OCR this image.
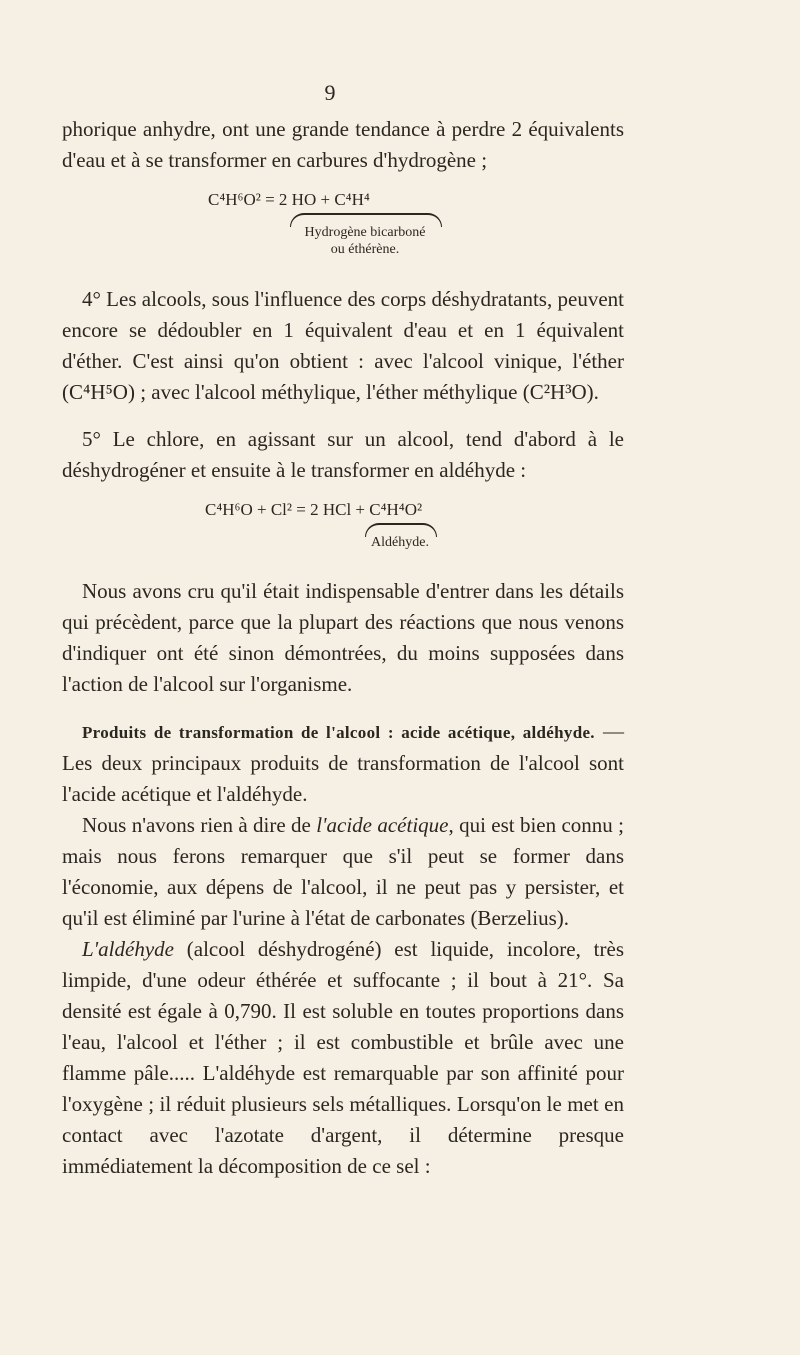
9

phorique anhydre, ont une grande tendance à perdre 2 équivalents d'eau et à se transformer en carbures d'hydrogène ;

C⁴H⁶O² = 2 HO + C⁴H⁴
Hydrogène bicarboné
ou éthérène.

4° Les alcools, sous l'influence des corps déshydratants, peuvent encore se dédoubler en 1 équivalent d'eau et en 1 équivalent d'éther. C'est ainsi qu'on obtient : avec l'alcool vinique, l'éther (C⁴H⁵O) ; avec l'alcool méthylique, l'éther méthylique (C²H³O).

5° Le chlore, en agissant sur un alcool, tend d'abord à le déshydrogéner et ensuite à le transformer en aldéhyde :

C⁴H⁶O + Cl² = 2 HCl + C⁴H⁴O²
Aldéhyde.

Nous avons cru qu'il était indispensable d'entrer dans les détails qui précèdent, parce que la plupart des réactions que nous venons d'indiquer ont été sinon démontrées, du moins supposées dans l'action de l'alcool sur l'organisme.

Produits de transformation de l'alcool : acide acétique, aldéhyde. — Les deux principaux produits de transformation de l'alcool sont l'acide acétique et l'aldéhyde.

Nous n'avons rien à dire de l'acide acétique, qui est bien connu ; mais nous ferons remarquer que s'il peut se former dans l'économie, aux dépens de l'alcool, il ne peut pas y persister, et qu'il est éliminé par l'urine à l'état de carbonates (Berzelius).

L'aldéhyde (alcool déshydrogéné) est liquide, incolore, très limpide, d'une odeur éthérée et suffocante ; il bout à 21°. Sa densité est égale à 0,790. Il est soluble en toutes proportions dans l'eau, l'alcool et l'éther ; il est combustible et brûle avec une flamme pâle..... L'aldéhyde est remarquable par son affinité pour l'oxygène ; il réduit plusieurs sels métalliques. Lorsqu'on le met en contact avec l'azotate d'argent, il détermine presque immédiatement la décomposition de ce sel :
